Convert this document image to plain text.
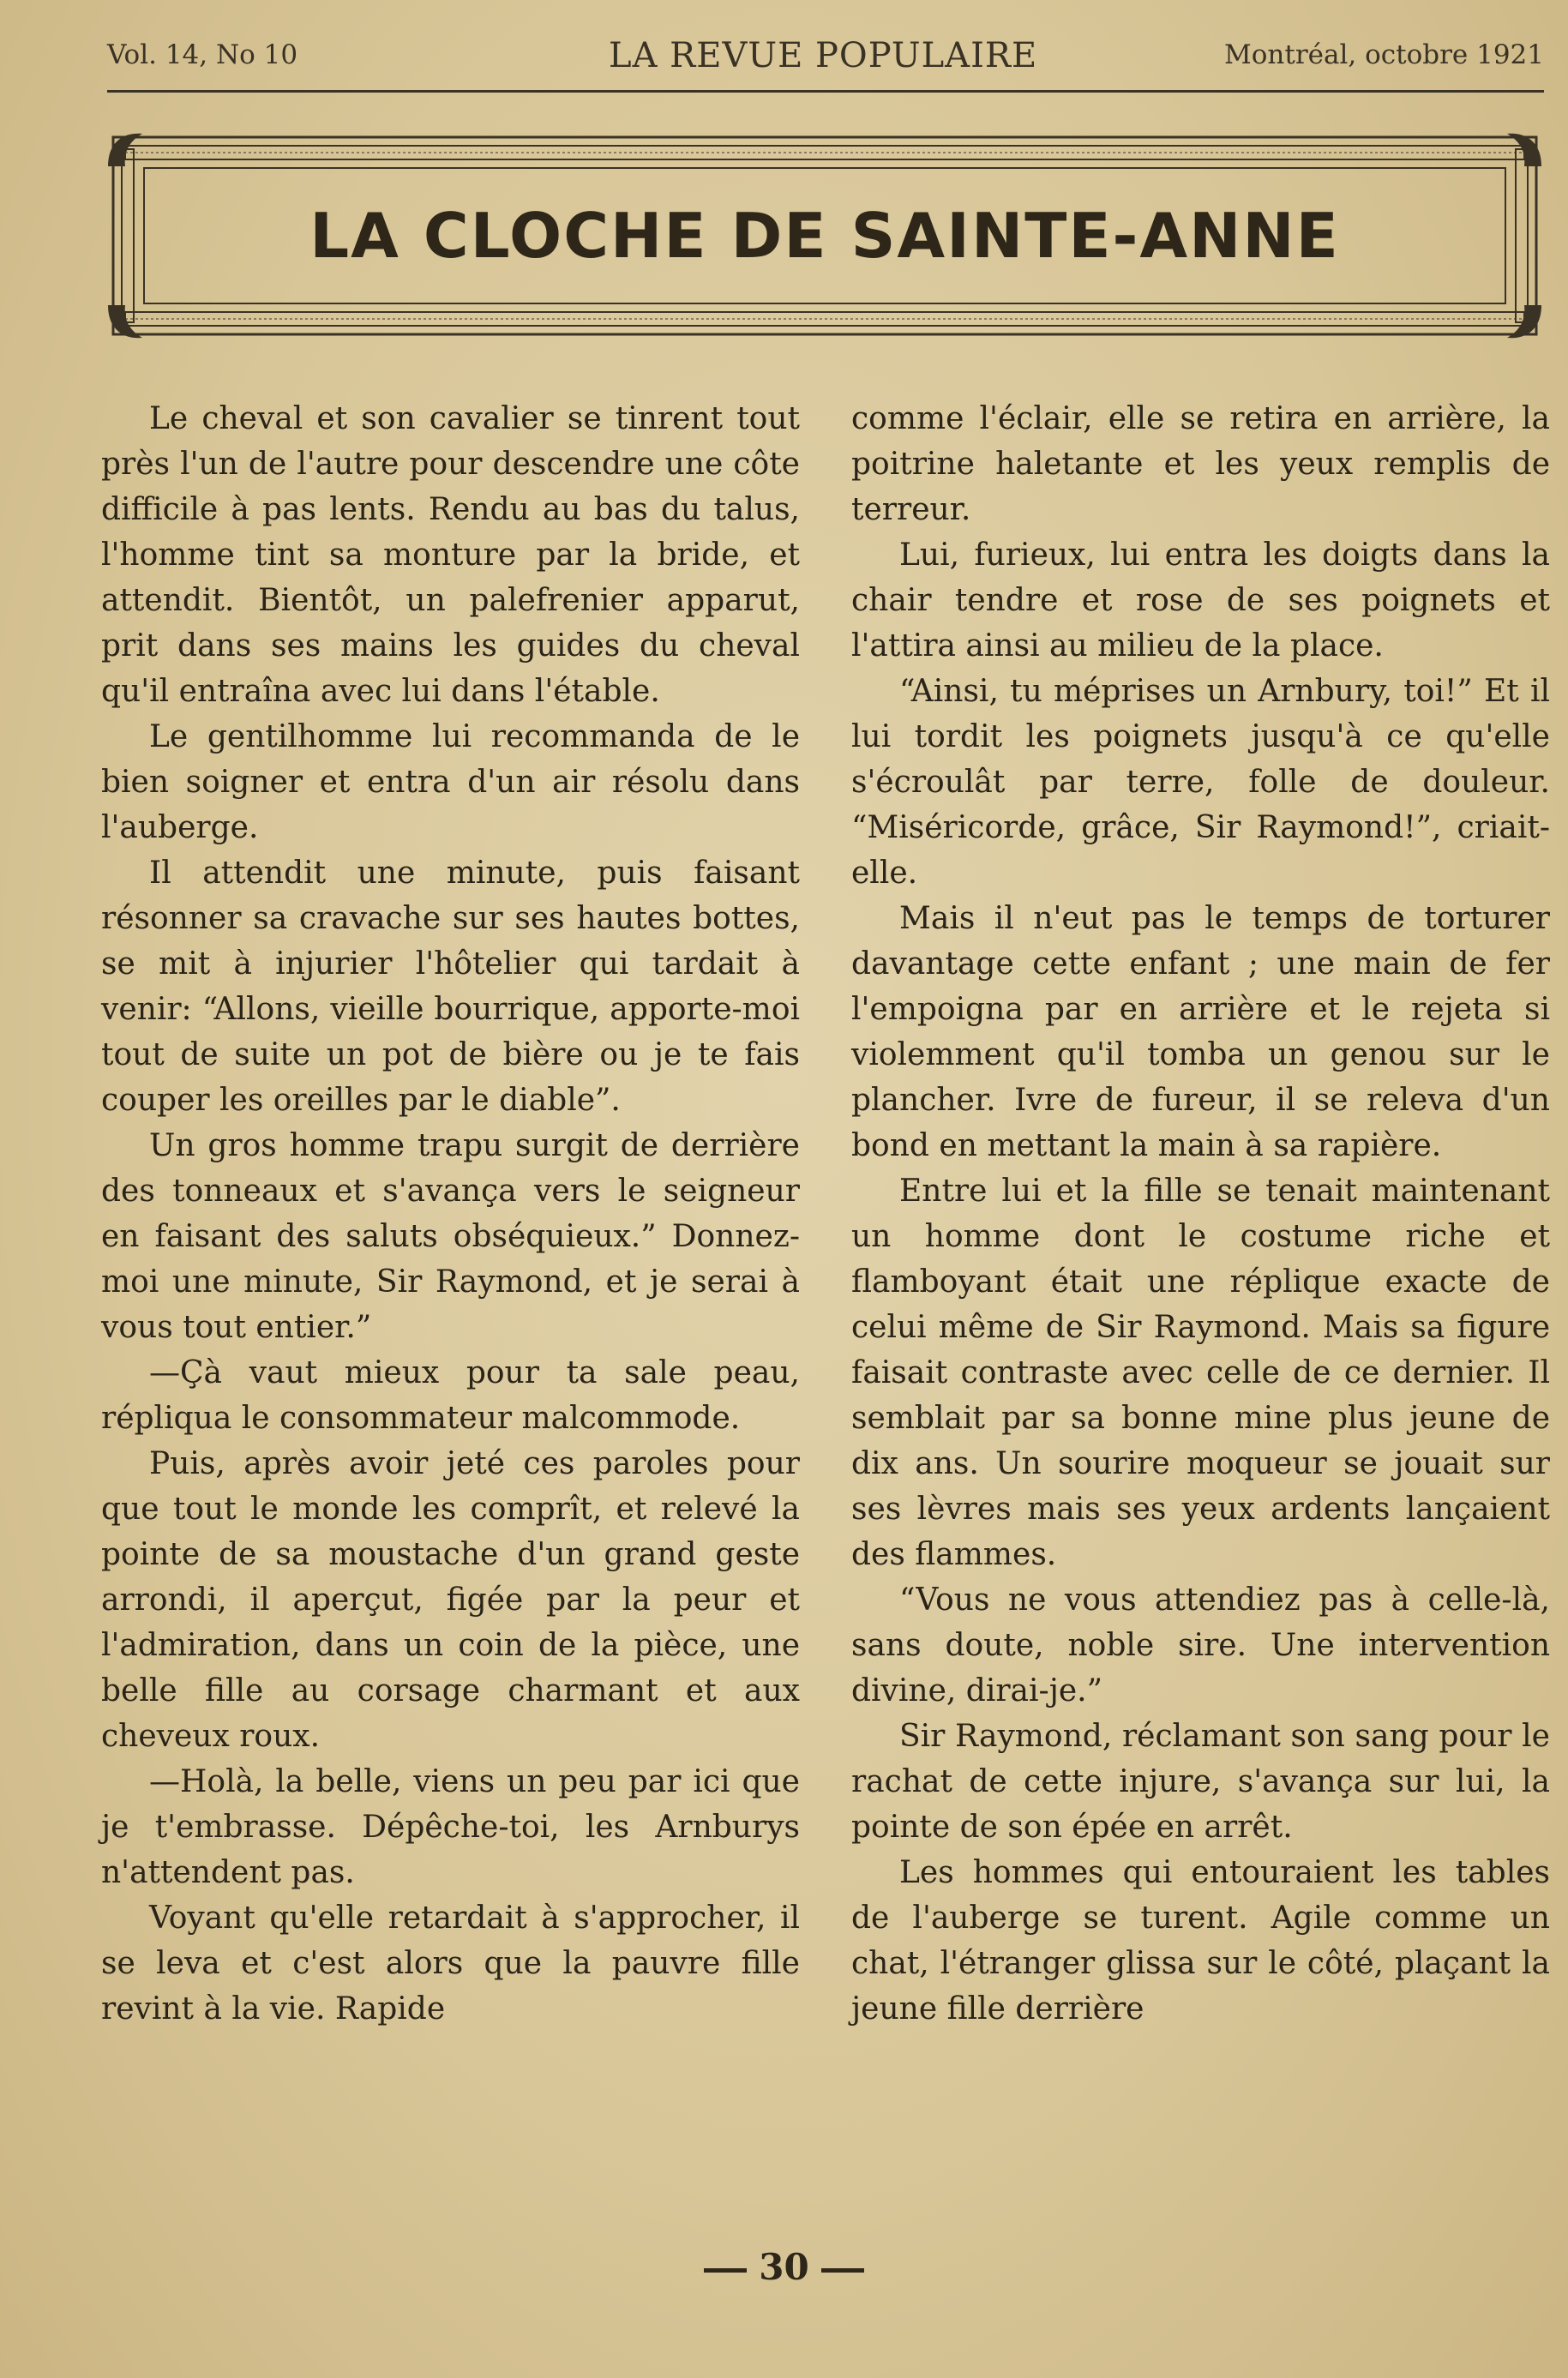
Vol. 14, No 10	LA REVUE POPULAIRE	Montréal, octobre 1921
LA CLOCHE DE SAINTE-ANNE

Le cheval et son cavalier se tinrent tout près l'un de l'autre pour descendre une côte difficile à pas lents. Rendu au bas du talus, l'homme tint sa monture par la bride, et attendit. Bientôt, un palefrenier apparut, prit dans ses mains les guides du cheval qu'il entraîna avec lui dans l'étable.

Le gentilhomme lui recommanda de le bien soigner et entra d'un air résolu dans l'auberge.

Il attendit une minute, puis faisant résonner sa cravache sur ses hautes bottes, se mit à injurier l'hôtelier qui tardait à venir: “Allons, vieille bourrique, apporte-moi tout de suite un pot de bière ou je te fais couper les oreilles par le diable”.

Un gros homme trapu surgit de derrière des tonneaux et s'avança vers le seigneur en faisant des saluts obséquieux.” Donnez-moi une minute, Sir Raymond, et je serai à vous tout entier.”

—Çà vaut mieux pour ta sale peau, répliqua le consommateur malcommode.

Puis, après avoir jeté ces paroles pour que tout le monde les comprît, et relevé la pointe de sa moustache d'un grand geste arrondi, il aperçut, figée par la peur et l'admiration, dans un coin de la pièce, une belle fille au corsage charmant et aux cheveux roux.

—Holà, la belle, viens un peu par ici que je t'embrasse. Dépêche-toi, les Arnburys n'attendent pas.

Voyant qu'elle retardait à s'approcher, il se leva et c'est alors que la pauvre fille revint à la vie. Rapide

comme l'éclair, elle se retira en arrière, la poitrine haletante et les yeux remplis de terreur.

Lui, furieux, lui entra les doigts dans la chair tendre et rose de ses poignets et l'attira ainsi au milieu de la place.

“Ainsi, tu méprises un Arnbury, toi!” Et il lui tordit les poignets jusqu'à ce qu'elle s'écroulât par terre, folle de douleur. “Miséricorde, grâce, Sir Raymond!”, criait-elle.

Mais il n'eut pas le temps de torturer davantage cette enfant ; une main de fer l'empoigna par en arrière et le rejeta si violemment qu'il tomba un genou sur le plancher. Ivre de fureur, il se releva d'un bond en mettant la main à sa rapière.

Entre lui et la fille se tenait maintenant un homme dont le costume riche et flamboyant était une réplique exacte de celui même de Sir Raymond. Mais sa figure faisait contraste avec celle de ce dernier. Il semblait par sa bonne mine plus jeune de dix ans. Un sourire moqueur se jouait sur ses lèvres mais ses yeux ardents lançaient des flammes.

“Vous ne vous attendiez pas à celle-là, sans doute, noble sire. Une intervention divine, dirai-je.”

Sir Raymond, réclamant son sang pour le rachat de cette injure, s'avança sur lui, la pointe de son épée en arrêt.

Les hommes qui entouraient les tables de l'auberge se turent. Agile comme un chat, l'étranger glissa sur le côté, plaçant la jeune fille derrière

30
